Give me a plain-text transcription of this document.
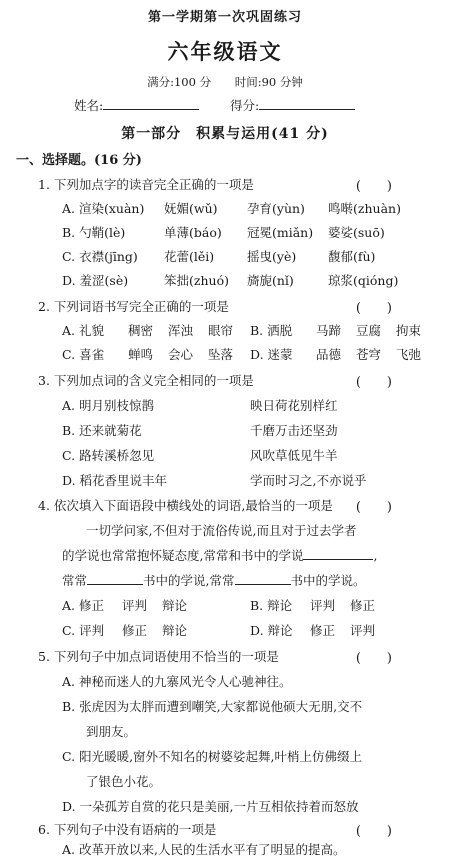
第一学期第一次巩固练习
六年级语文
满分:100 分 时间:90 分钟
姓名:	得分:
第一部分　积累与运用(41 分)
一、选择题。(16 分)
1. 下列加点字的读音完全正确的一项是	(　　)
A. 渲染(xuàn) 妩媚(wǔ) 孕育(yùn) 鸣啭(zhuàn)
B. 勺鞘(lè)	单薄(báo) 冠冕(miǎn) 婆娑(suō)
C. 衣襟(jīng) 花蕾(lěi)	摇曳(yè)	馥郁(fù)
D. 羞涩(sè)	笨拙(zhuó) 旖旎(nǐ)	琼浆(qióng)
2. 下列词语书写完全正确的一项是	(　　)
A. 礼貌 稠密 浑浊 眼帘 B. 洒脱 马蹄 豆腐 拘束
C. 喜雀 蝉鸣 会心 坠落 D. 迷蒙 品德 苍穹 飞弛
3. 下列加点词的含义完全相同的一项是	(　　)
A. 明月别枝惊鹊	映日荷花别样红
B. 还来就菊花	千磨万击还坚劲
C. 路转溪桥忽见	风吹草低见牛羊
D. 稻花香里说丰年	学而时习之,不亦说乎
4. 依次填入下面语段中横线处的词语,最恰当的一项是 (　　)
一切学问家,不但对于流俗传说,而且对于过去学者
的学说也常常抱怀疑态度,常常和书中的学说	,
常常	书中的学说,常常	书中的学说。
A. 修正 评判 辩论	B. 辩论 评判 修正
C. 评判 修正 辩论	D. 辩论 修正 评判
5. 下列句子中加点词语使用不恰当的一项是	(　　)
A. 神秘而迷人的九寨风光令人心驰神往。
B. 张虎因为太胖而遭到嘲笑,大家都说他硕大无朋,交不
到朋友。
C. 阳光暖暖,窗外不知名的树婆娑起舞,叶梢上仿佛缀上
了银色小花。
D. 一朵孤芳自赏的花只是美丽,一片互相依持着而怒放
6. 下列句子中没有语病的一项是	(　　)
A. 改革开放以来,人民的生活水平有了明显的提高。
